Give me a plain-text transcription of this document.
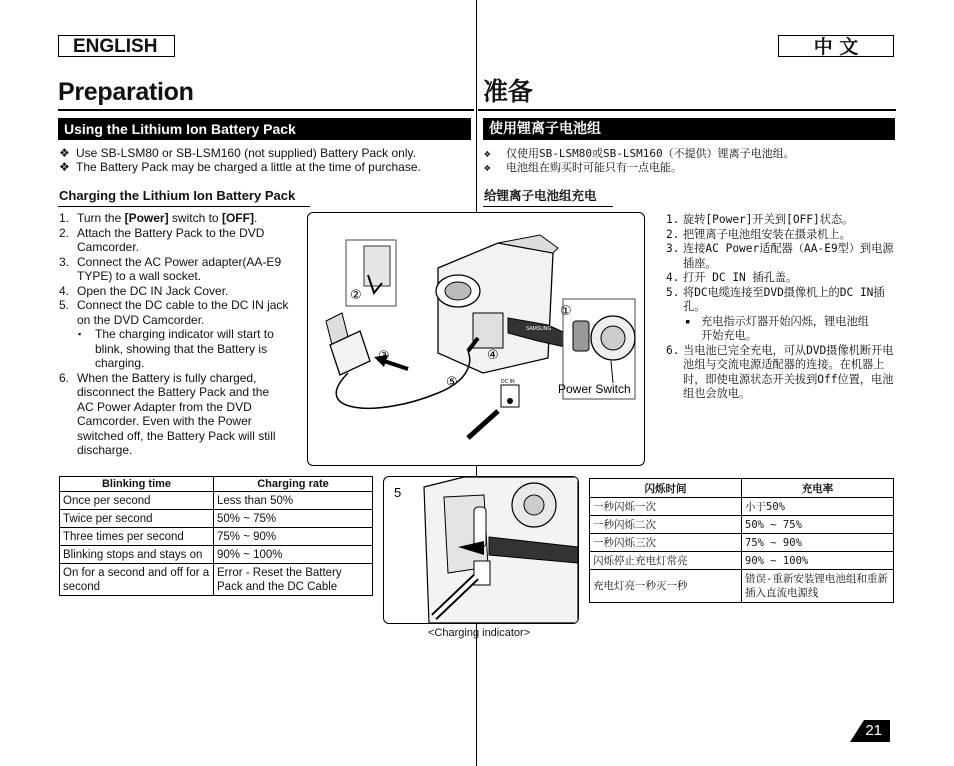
ENGLISH	中 文
Preparation	准备
Using the Lithium Ion Battery Pack	使用锂离子电池组
❖ Use SB-LSM80 or SB-LSM160 (not supplied) Battery Pack only.
❖ The Battery Pack may be charged a little at the time of purchase.
❖ 仅使用SB-LSM80或SB-LSM160（不提供）锂离子电池组。
❖ 电池组在购买时可能只有一点电能。
Charging the Lithium Ion Battery Pack	给锂离子电池组充电
1. Turn the [Power] switch to [OFF].
2. Attach the Battery Pack to the DVD Camcorder.
3. Connect the AC Power adapter(AA-E9 TYPE) to a wall socket.
4. Open the DC IN Jack Cover.
5. Connect the DC cable to the DC IN jack on the DVD Camcorder.
▪ The charging indicator will start to blink, showing that the Battery is charging.
6. When the Battery is fully charged, disconnect the Battery Pack and the AC Power Adapter from the DVD Camcorder. Even with the Power switched off, the Battery Pack will still discharge.
1. 旋转[Power]开关到[OFF]状态。
2. 把锂离子电池组安装在摄录机上。
3. 连接AC Power适配器（AA-E9型）到电源插座。
4. 打开 DC IN 插孔盖。
5. 将DC电缆连接至DVD摄像机上的DC IN插孔。
▪ 充电指示灯器开始闪烁，锂电池组开始充电。
6. 当电池已完全充电，可从DVD摄像机断开电池组与交流电源适配器的连接。在机器上时，即使电源状态开关拔到Off位置，电池组也会放电。
SAMSUNG
②
③	④
⑤
①
DC IN	Power Switch
Blinking time	Charging rate
Once per second	Less than 50%
Twice per second	50% ~ 75%
Three times per second	75% ~ 90%
Blinking stops and stays on	90% ~ 100%
On for a second and off for a second	Error - Reset the Battery Pack and the DC Cable
5
<Charging indicator>
闪烁时间	充电率
一秒闪烁一次	小于50%
一秒闪烁二次	50% ~ 75%
一秒闪烁三次	75% ~ 90%
闪烁停止充电灯常亮	90% ~ 100%
充电灯亮一秒灭一秒	错误-重新安装锂电池组和重新插入直流电源线
21
